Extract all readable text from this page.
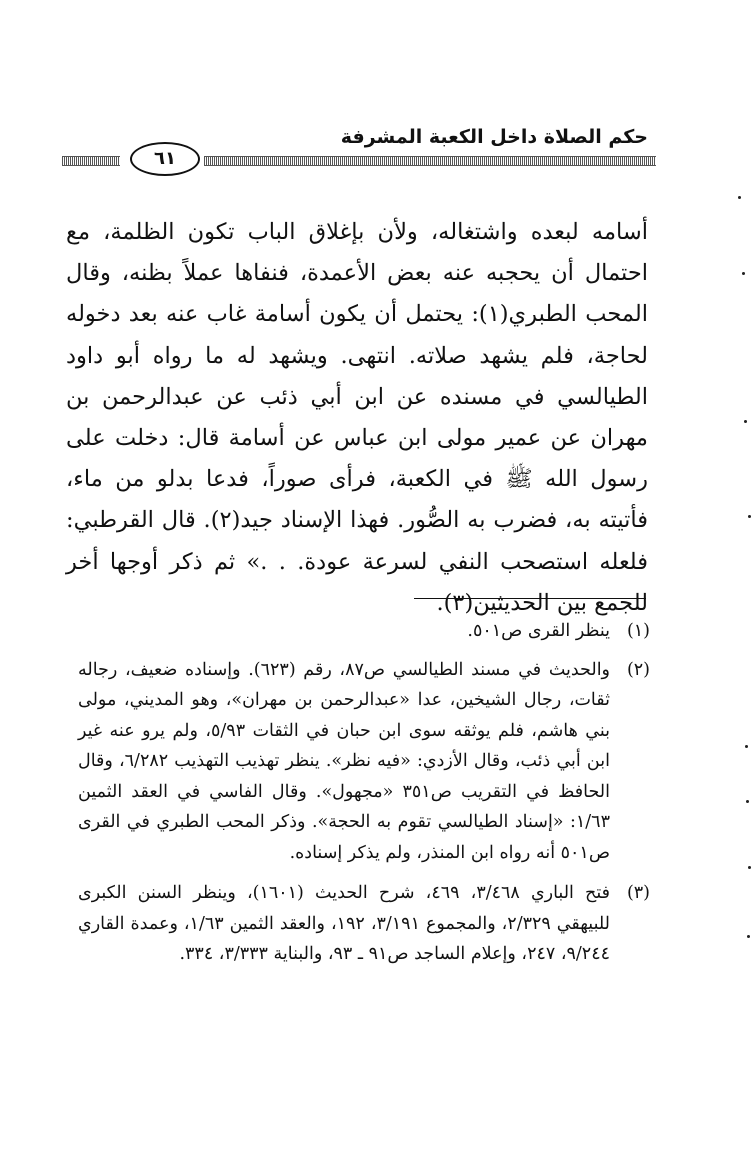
حكم الصلاة داخل الكعبة المشرفة
٦١

أسامه لبعده واشتغاله، ولأن بإغلاق الباب تكون الظلمة، مع احتمال أن يحجبه عنه بعض الأعمدة، فنفاها عملاً بظنه، وقال المحب الطبري(١): يحتمل أن يكون أسامة غاب عنه بعد دخوله لحاجة، فلم يشهد صلاته. انتهى. ويشهد له ما رواه أبو داود الطيالسي في مسنده عن ابن أبي ذئب عن عبدالرحمن بن مهران عن عمير مولى ابن عباس عن أسامة قال: دخلت على رسول الله ﷺ في الكعبة، فرأى صوراً، فدعا بدلو من ماء، فأتيته به، فضرب به الصُّور. فهذا الإسناد جيد(٢). قال القرطبي: فلعله استصحب النفي لسرعة عودة. . .» ثم ذكر أوجها أخر للجمع بين الحديثين(٣).

(١)
ينظر القرى ص٥٠١.
(٢)
والحديث في مسند الطيالسي ص٨٧، رقم (٦٢٣). وإسناده ضعيف، رجاله ثقات، رجال الشيخين، عدا «عبدالرحمن بن مهران»، وهو المديني، مولى بني هاشم، فلم يوثقه سوى ابن حبان في الثقات ٥/٩٣، ولم يرو عنه غير ابن أبي ذئب، وقال الأزدي: «فيه نظر». ينظر تهذيب التهذيب ٦/٢٨٢، وقال الحافظ في التقريب ص٣٥١ «مجهول». وقال الفاسي في العقد الثمين ١/٦٣: «إسناد الطيالسي تقوم به الحجة». وذكر المحب الطبري في القرى ص٥٠١ أنه رواه ابن المنذر، ولم يذكر إسناده.
(٣)
فتح الباري ٣/٤٦٨، ٤٦٩، شرح الحديث (١٦٠١)، وينظر السنن الكبرى للبيهقي ٢/٣٢٩، والمجموع ٣/١٩١، ١٩٢، والعقد الثمين ١/٦٣، وعمدة القاري ٩/٢٤٤، ٢٤٧، وإعلام الساجد ص٩١ ـ ٩٣، والبناية ٣/٣٣٣، ٣٣٤.
